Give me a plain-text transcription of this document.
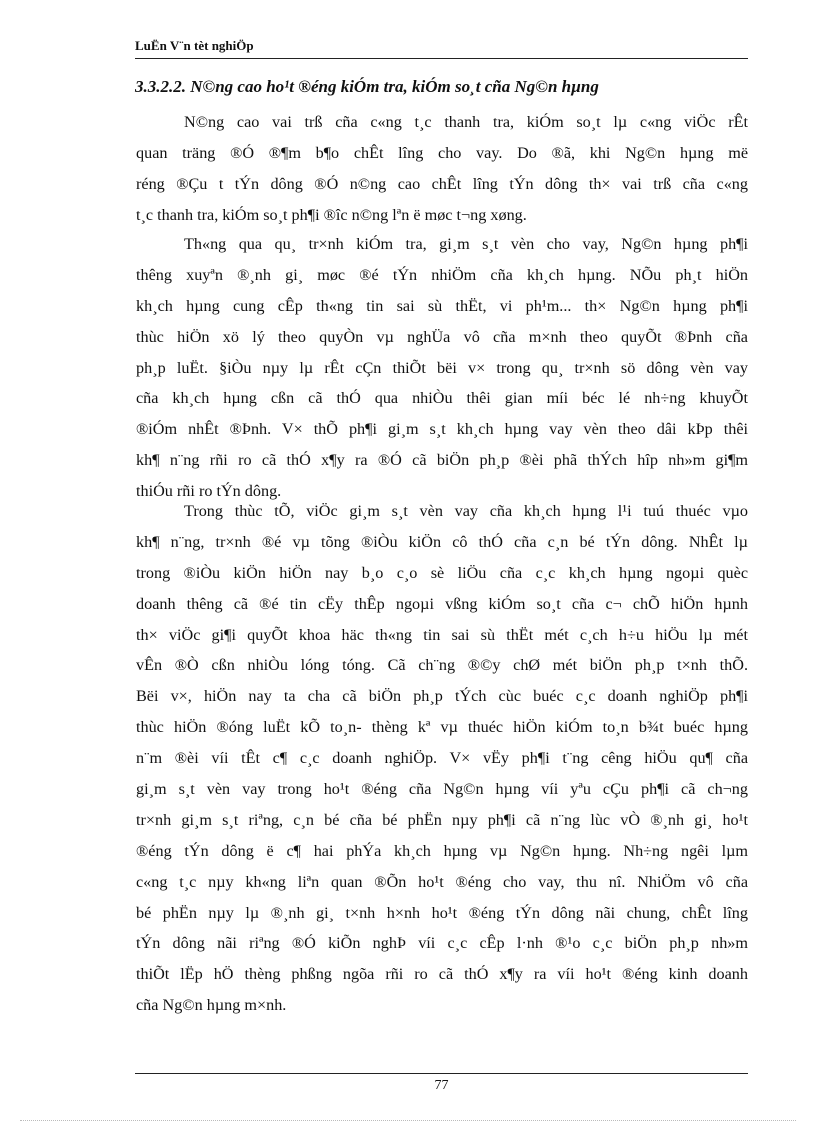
LuËn V¨n tèt nghiÖp
3.3.2.2. N©ng cao ho¹t ®éng kiÓm tra, kiÓm so¸t cña Ng©n hµng
N©ng cao vai trß cña c«ng t¸c thanh tra, kiÓm so¸t lµ c«ng viÖc rÊt
quan träng ®Ó ®¶m b¶o chÊt lîng cho vay. Do ®ã, khi Ng©n hµng më
réng ®Çu t tÝn dông ®Ó n©ng cao chÊt lîng tÝn dông th× vai trß cña c«ng
t¸c thanh tra, kiÓm so¸t ph¶i ®îc n©ng lªn ë møc t¬ng xøng.
Th«ng qua qu¸ tr×nh kiÓm tra, gi¸m s¸t vèn cho vay, Ng©n hµng ph¶i
thêng xuyªn ®¸nh gi¸ møc ®é tÝn nhiÖm cña kh¸ch hµng. NÕu ph¸t hiÖn
kh¸ch hµng cung cÊp th«ng tin sai sù thËt, vi ph¹m... th× Ng©n hµng ph¶i
thùc hiÖn xö lý theo quyÒn vµ nghÜa vô cña m×nh theo quyÕt ®Þnh cña
ph¸p luËt. §iÒu nµy lµ rÊt cÇn thiÕt bëi v× trong qu¸ tr×nh sö dông vèn vay
cña kh¸ch hµng cßn cã thÓ qua nhiÒu thêi gian míi béc lé nh÷ng khuyÕt
®iÓm nhÊt ®Þnh. V× thÕ ph¶i gi¸m s¸t kh¸ch hµng vay vèn theo dâi kÞp thêi
kh¶ n¨ng rñi ro cã thÓ x¶y ra ®Ó cã biÖn ph¸p ®èi phã thÝch hîp nh»m gi¶m
thiÓu rñi ro tÝn dông.
Trong thùc tÕ, viÖc gi¸m s¸t vèn vay cña kh¸ch hµng l¹i tuú thuéc vµo
kh¶ n¨ng, tr×nh ®é vµ tõng ®iÒu kiÖn cô thÓ cña c¸n bé tÝn dông. NhÊt lµ
trong ®iÒu kiÖn hiÖn nay b¸o c¸o sè liÖu cña c¸c kh¸ch hµng ngoµi quèc
doanh thêng cã ®é tin cËy thÊp ngoµi vßng kiÓm so¸t cña c¬ chÕ hiÖn hµnh
th× viÖc gi¶i quyÕt khoa häc th«ng tin sai sù thËt mét c¸ch h÷u hiÖu lµ mét
vÊn ®Ò cßn nhiÒu lóng tóng. Cã ch¨ng ®©y chØ mét biÖn ph¸p t×nh thÕ.
Bëi v×, hiÖn nay ta cha cã biÖn ph¸p tÝch cùc buéc c¸c doanh nghiÖp ph¶i
thùc hiÖn ®óng luËt kÕ to¸n- thèng kª vµ thuéc hiÖn kiÓm to¸n b¾t buéc hµng
n¨m ®èi víi tÊt c¶ c¸c doanh nghiÖp. V× vËy ph¶i t¨ng cêng hiÖu qu¶ cña
gi¸m s¸t vèn vay trong ho¹t ®éng cña Ng©n hµng víi yªu cÇu ph¶i cã ch¬ng
tr×nh gi¸m s¸t riªng, c¸n bé cña bé phËn nµy ph¶i cã n¨ng lùc vÒ ®¸nh gi¸ ho¹t
®éng tÝn dông ë c¶ hai phÝa kh¸ch hµng vµ Ng©n hµng. Nh÷ng ngêi lµm
c«ng t¸c nµy kh«ng liªn quan ®Õn ho¹t ®éng cho vay, thu nî. NhiÖm vô cña
bé phËn nµy lµ ®¸nh gi¸ t×nh h×nh ho¹t ®éng tÝn dông nãi chung, chÊt lîng
tÝn dông nãi riªng ®Ó kiÕn nghÞ víi c¸c cÊp l·nh ®¹o c¸c biÖn ph¸p nh»m
thiÕt lËp hÖ thèng phßng ngõa rñi ro cã thÓ x¶y ra víi ho¹t ®éng kinh doanh
cña Ng©n hµng m×nh.
77
